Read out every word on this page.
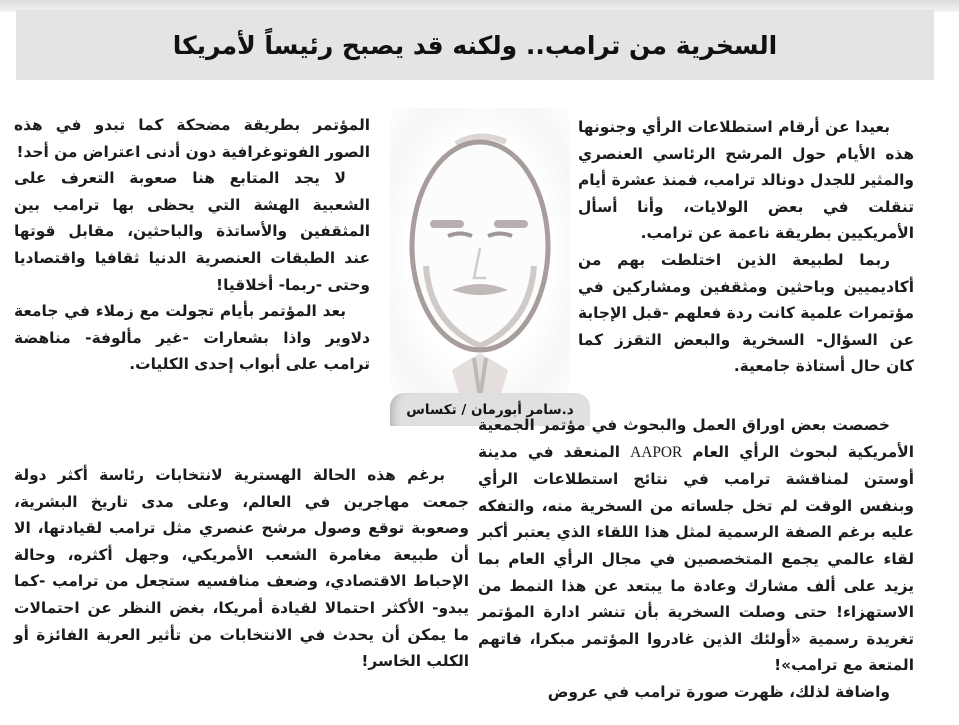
السخرية من ترامب.. ولكنه قد يصبح رئيساً لأمريكا

بعيدا عن أرقام استطلاعات الرأي وجنونها هذه الأيام حول المرشح الرئاسي العنصري والمثير للجدل دونالد ترامب، فمنذ عشرة أيام تنقلت في بعض الولايات، وأنا أسأل الأمريكيين بطريقة ناعمة عن ترامب.

ربما لطبيعة الذين اختلطت بهم من أكاديميين وباحثين ومثقفين ومشاركين في مؤتمرات علمية كانت ردة فعلهم -قبل الإجابة عن السؤال- السخرية والبعض التقزز كما كان حال أستاذة جامعية.

د.سامر أبورمان / تكساس

خصصت بعض اوراق العمل والبحوث في مؤتمر الجمعية الأمريكية لبحوث الرأي العام AAPOR المنعقد في مدينة أوستن لمناقشة ترامب في نتائج استطلاعات الرأي وبنفس الوقت لم تخل جلساته من السخرية منه، والتفكه عليه برغم الصفة الرسمية لمثل هذا اللقاء الذي يعتبر أكبر لقاء عالمي يجمع المتخصصين في مجال الرأي العام بما يزيد على ألف مشارك وعادة ما يبتعد عن هذا النمط من الاستهزاء! حتى وصلت السخرية بأن تنشر ادارة المؤتمر تغريدة رسمية «أولئك الذين غادروا المؤتمر مبكرا، فاتهم المتعة مع ترامب»!

واضافة لذلك، ظهرت صورة ترامب في عروض

المؤتمر بطريقة مضحكة كما تبدو في هذه الصور الفوتوغرافية دون أدنى اعتراض من أحد!

لا يجد المتابع هنا صعوبة التعرف على الشعبية الهشة التي يحظى بها ترامب بين المثقفين والأساتذة والباحثين، مقابل قوتها عند الطبقات العنصرية الدنيا ثقافيا واقتصاديا وحتى -ربما- أخلاقيا!

بعد المؤتمر بأيام تجولت مع زملاء في جامعة دلاوير واذا بشعارات -غير مألوفة- مناهضة ترامب على أبواب إحدى الكليات.

برغم هذه الحالة الهسترية لانتخابات رئاسة أكثر دولة جمعت مهاجرين في العالم، وعلى مدى تاريخ البشرية، وصعوبة توقع وصول مرشح عنصري مثل ترامب لقيادتها، الا أن طبيعة مغامرة الشعب الأمريكي، وجهل أكثره، وحالة الإحباط الاقتصادي، وضعف منافسيه ستجعل من ترامب -كما يبدو- الأكثر احتمالا لقيادة أمريكا، بغض النظر عن احتمالات ما يمكن أن يحدث في الانتخابات من تأثير العربة الفائزة أو الكلب الخاسر!
